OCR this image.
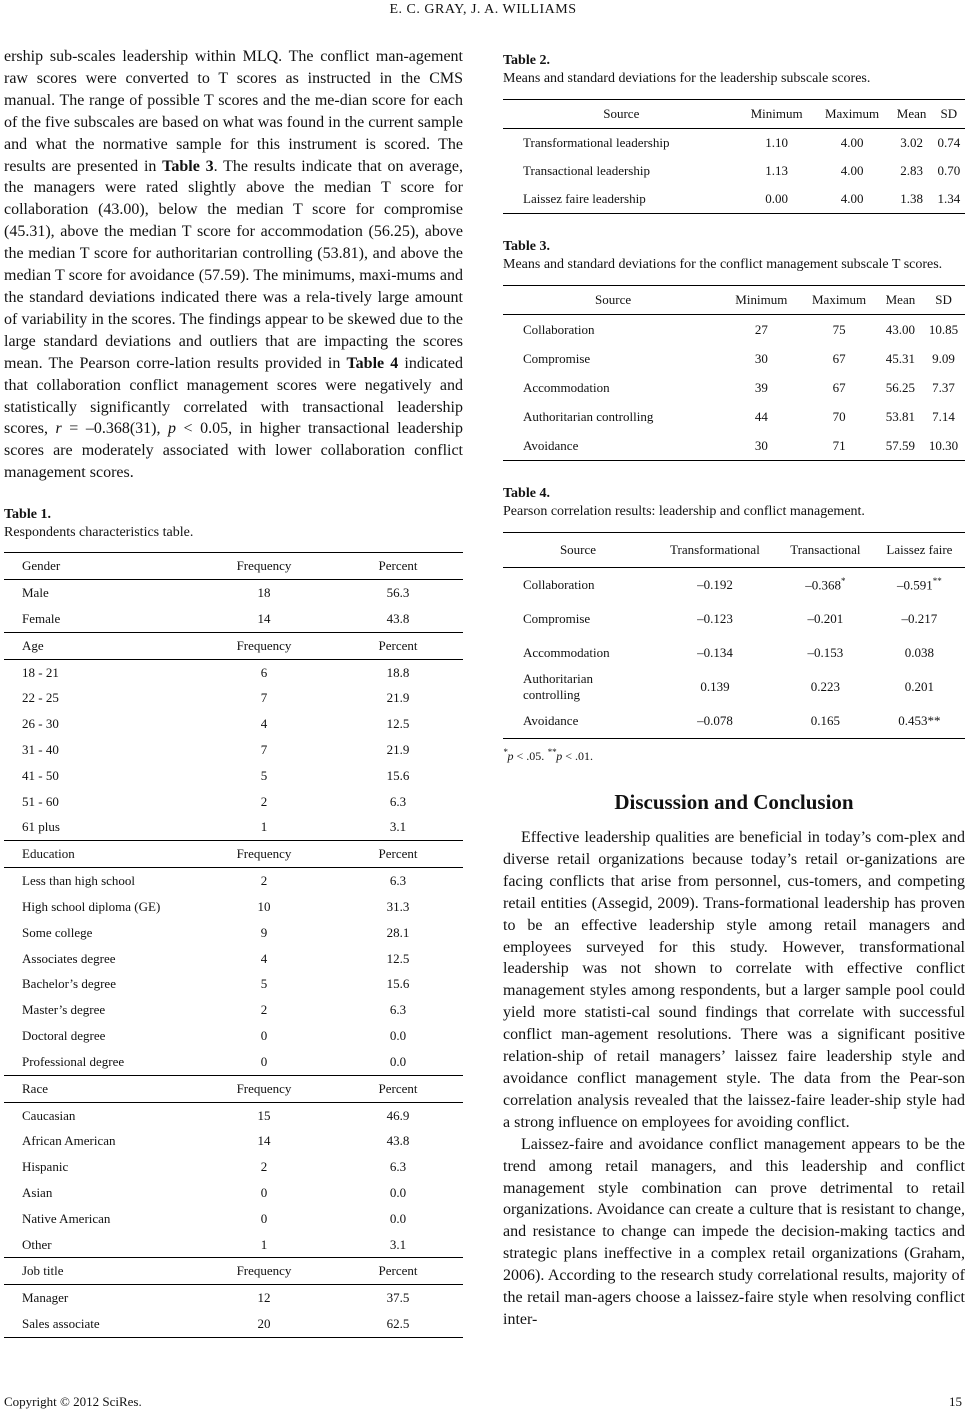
E. C. GRAY, J. A. WILLIAMS

ership sub-scales leadership within MLQ. The conflict man-agement raw scores were converted to T scores as instructed in the CMS manual. The range of possible T scores and the me-dian score for each of the five subscales are based on what was found in the current sample and what the normative sample for this instrument is scored. The results are presented in Table 3. The results indicate that on average, the managers were rated slightly above the median T score for collaboration (43.00), below the median T score for compromise (45.31), above the median T score for accommodation (56.25), above the median T score for authoritarian controlling (53.81), and above the median T score for avoidance (57.59). The minimums, maxi-mums and the standard deviations indicated there was a rela-tively large amount of variability in the scores. The findings appear to be skewed due to the large standard deviations and outliers that are impacting the scores mean. The Pearson corre-lation results provided in Table 4 indicated that collaboration conflict management scores were negatively and statistically significantly correlated with transactional leadership scores, r = –0.368(31), p < 0.05, in higher transactional leadership scores are moderately associated with lower collaboration conflict management scores.

Table 1.

Respondents characteristics table.

Gender	Frequency	Percent
Male	18	56.3
Female	14	43.8
Age	Frequency	Percent
18 - 21	6	18.8
22 - 25	7	21.9
26 - 30	4	12.5
31 - 40	7	21.9
41 - 50	5	15.6
51 - 60	2	6.3
61 plus	1	3.1
Education	Frequency	Percent
Less than high school	2	6.3
High school diploma (GE)	10	31.3
Some college	9	28.1
Associates degree	4	12.5
Bachelor’s degree	5	15.6
Master’s degree	2	6.3
Doctoral degree	0	0.0
Professional degree	0	0.0
Race	Frequency	Percent
Caucasian	15	46.9
African American	14	43.8
Hispanic	2	6.3
Asian	0	0.0
Native American	0	0.0
Other	1	3.1
Job title	Frequency	Percent
Manager	12	37.5
Sales associate	20	62.5

Table 2.

Means and standard deviations for the leadership subscale scores.

Source	Minimum	Maximum	Mean	SD
Transformational leadership	1.10	4.00	3.02	0.74
Transactional leadership	1.13	4.00	2.83	0.70
Laissez faire leadership	0.00	4.00	1.38	1.34

Table 3.

Means and standard deviations for the conflict management subscale T scores.

Source	Minimum	Maximum	Mean	SD
Collaboration	27	75	43.00	10.85
Compromise	30	67	45.31	9.09
Accommodation	39	67	56.25	7.37
Authoritarian controlling	44	70	53.81	7.14
Avoidance	30	71	57.59	10.30

Table 4.

Pearson correlation results: leadership and conflict management.

Source	Transformational	Transactional	Laissez faire
Collaboration	–0.192	–0.368*	–0.591**
Compromise	–0.123	–0.201	–0.217
Accommodation	–0.134	–0.153	0.038
Authoritarian controlling	0.139	0.223	0.201
Avoidance	–0.078	0.165	0.453**

*p < .05. **p < .01.

Discussion and Conclusion

Effective leadership qualities are beneficial in today’s com-plex and diverse retail organizations because today’s retail or-ganizations are facing conflicts that arise from personnel, cus-tomers, and competing retail entities (Assegid, 2009). Trans-formational leadership has proven to be an effective leadership style among retail managers and employees surveyed for this study. However, transformational leadership was not shown to correlate with effective conflict management styles among respondents, but a larger sample pool could yield more statisti-cal sound findings that correlate with successful conflict man-agement resolutions. There was a significant positive relation-ship of retail managers’ laissez faire leadership style and avoidance conflict management style. The data from the Pear-son correlation analysis revealed that the laissez-faire leader-ship style had a strong influence on employees for avoiding conflict.

Laissez-faire and avoidance conflict management appears to be the trend among retail managers, and this leadership and conflict management style combination can prove detrimental to retail organizations. Avoidance can create a culture that is resistant to change, and resistance to change can impede the decision-making tactics and strategic plans ineffective in a complex retail organizations (Graham, 2006). According to the research study correlational results, majority of the retail man-agers choose a laissez-faire style when resolving conflict inter-

Copyright © 2012 SciRes.	15
